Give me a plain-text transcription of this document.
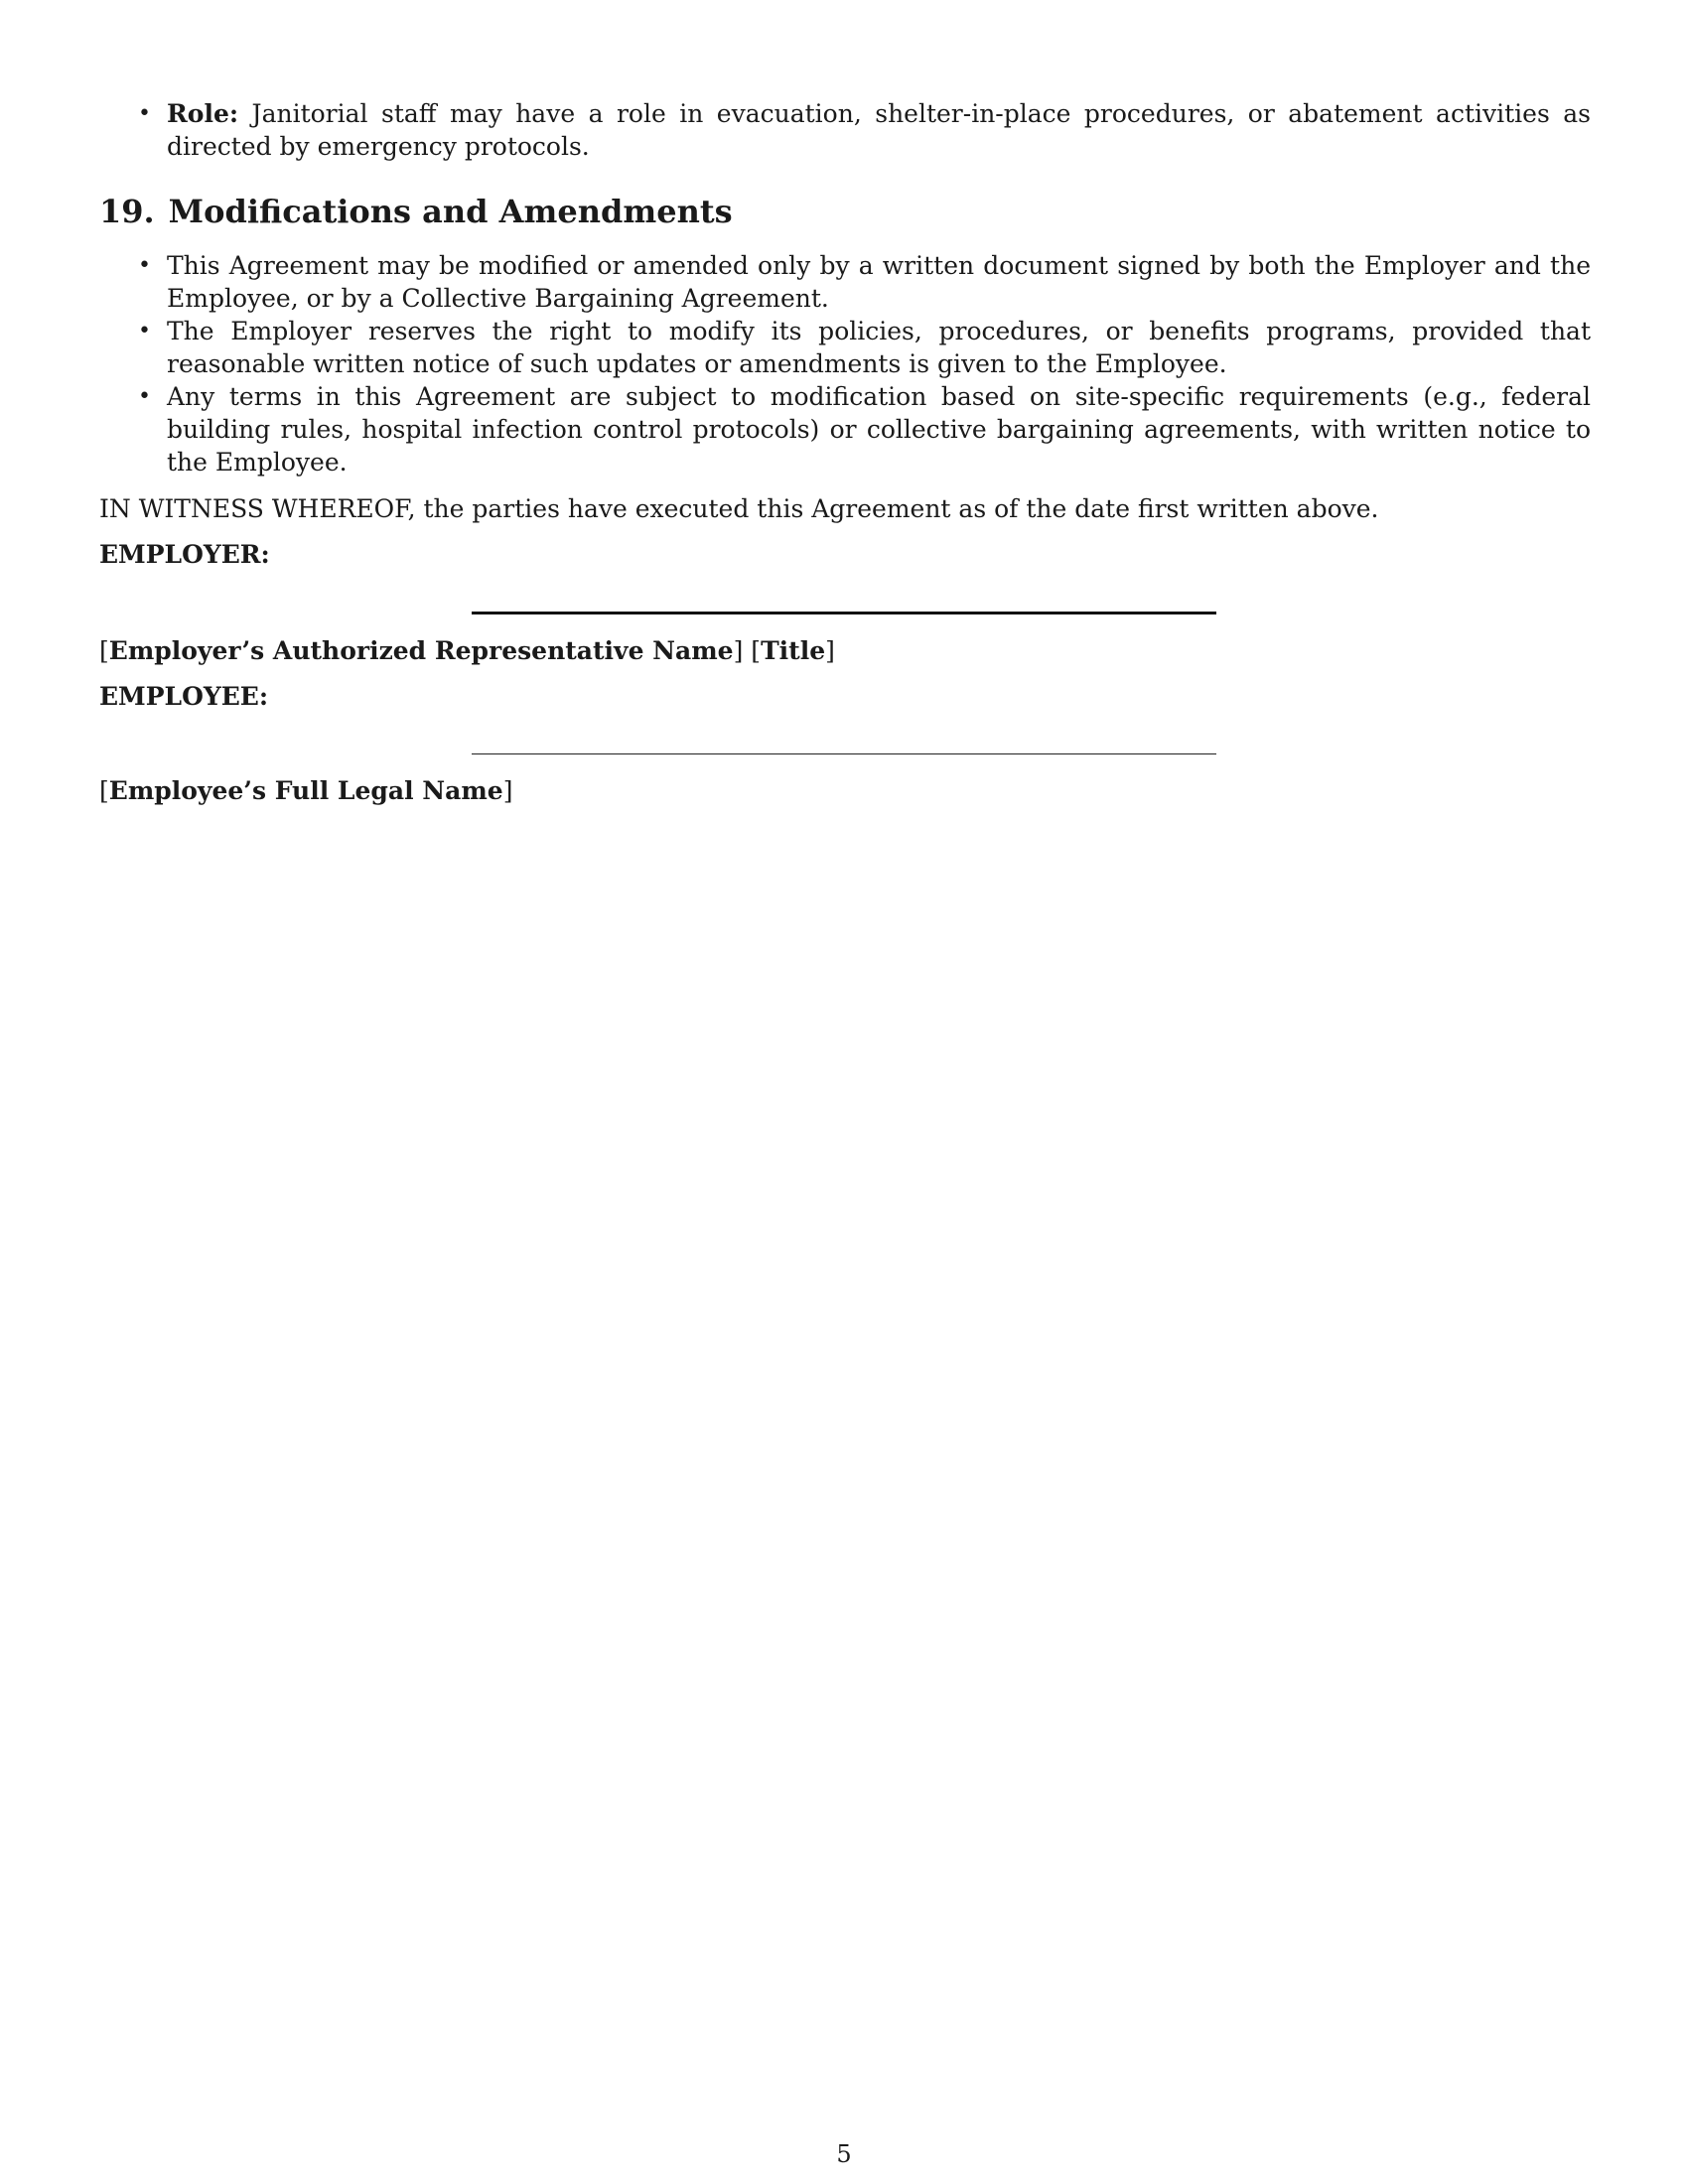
• Role: Janitorial staff may have a role in evacuation, shelter-in-place procedures, or abatement activities as directed by emergency protocols.
19. Modifications and Amendments
• This Agreement may be modified or amended only by a written document signed by both the Employer and the Employee, or by a Collective Bargaining Agreement.
• The Employer reserves the right to modify its policies, procedures, or benefits programs, provided that reasonable written notice of such updates or amendments is given to the Employee.
• Any terms in this Agreement are subject to modification based on site-specific requirements (e.g., federal building rules, hospital infection control protocols) or collective bargaining agreements, with written notice to the Employee.

IN WITNESS WHEREOF, the parties have executed this Agreement as of the date first written above.

EMPLOYER:
[Employer’s Authorized Representative Name] [Title]
EMPLOYEE:
[Employee’s Full Legal Name]
5
